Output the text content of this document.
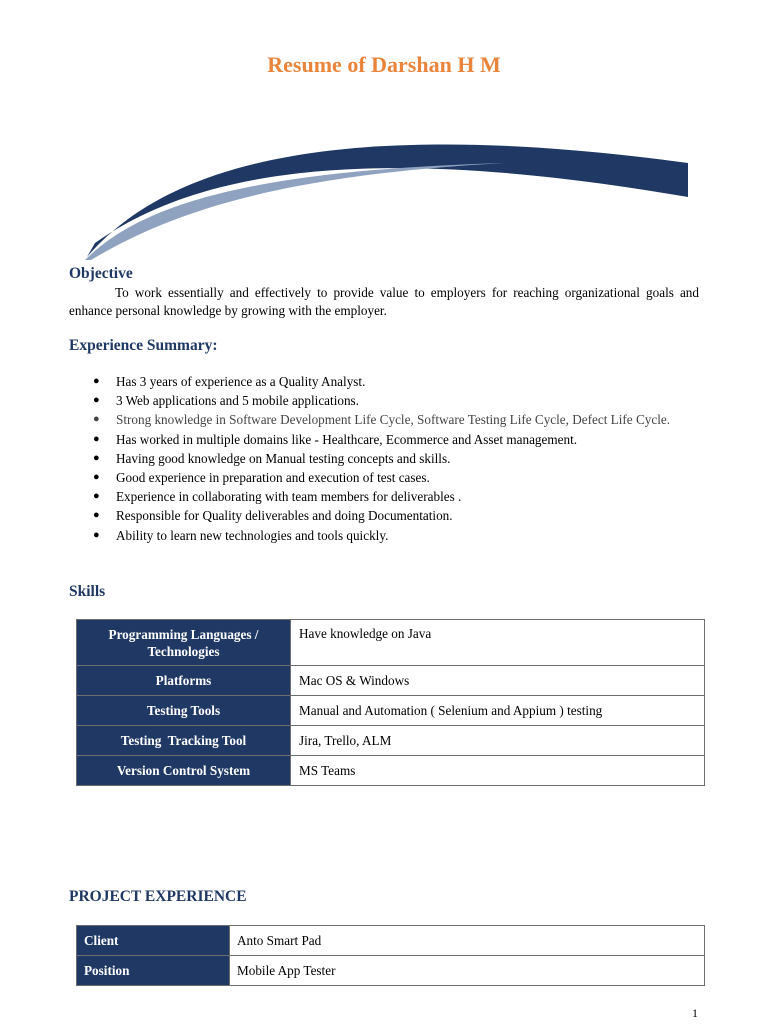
Resume of Darshan H M
Objective
To work essentially and effectively to provide value to employers for reaching organizational goals and enhance personal knowledge by growing with the employer.
Experience Summary:
● Has 3 years of experience as a Quality Analyst.
● 3 Web applications and 5 mobile applications.
● Strong knowledge in Software Development Life Cycle, Software Testing Life Cycle, Defect Life Cycle.
● Has worked in multiple domains like - Healthcare, Ecommerce and Asset management.
● Having good knowledge on Manual testing concepts and skills.
● Good experience in preparation and execution of test cases.
● Experience in collaborating with team members for deliverables .
● Responsible for Quality deliverables and doing Documentation.
● Ability to learn new technologies and tools quickly.
Skills
Programming Languages / Technologies	Have knowledge on Java
Platforms	Mac OS & Windows
Testing Tools	Manual and Automation ( Selenium and Appium ) testing
Testing  Tracking Tool	Jira, Trello, ALM
Version Control System	MS Teams
PROJECT EXPERIENCE
Client	Anto Smart Pad
Position	Mobile App Tester
1
